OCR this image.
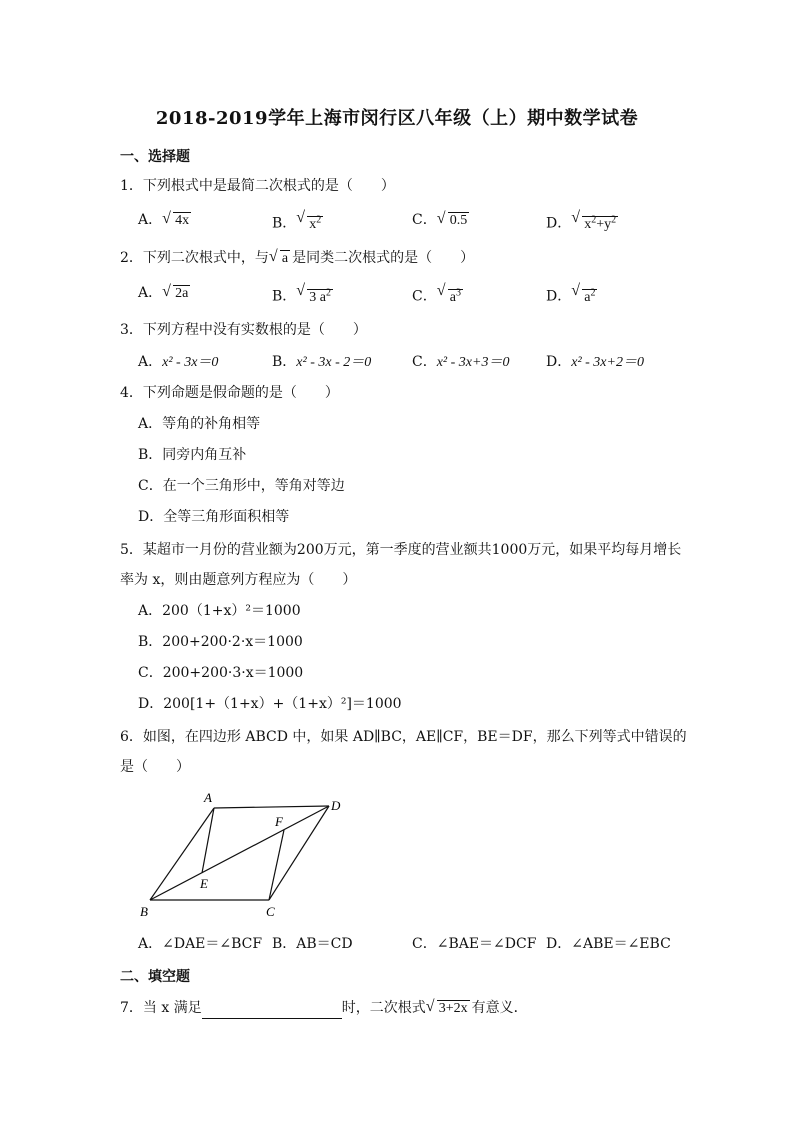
2018-2019学年上海市闵行区八年级（上）期中数学试卷
一、选择题
1．下列根式中是最简二次根式的是（　　）
A． √ 4x	B． √ $x^2$	C． √ 0.5	D． √ $x^2+y^2$
2．下列二次根式中，与 √ a 是同类二次根式的是（　　）
A． √ 2a	B． √ 3 $a^2$	C． √ $a^3$	D． √ $a^2$
3．下列方程中没有实数根的是（　　）
A．x² - 3x＝0	B．x² - 3x - 2＝0	C．x² - 3x+3＝0	D．x² - 3x+2＝0
4．下列命题是假命题的是（　　）
A．等角的补角相等
B．同旁内角互补
C．在一个三角形中，等角对等边
D．全等三角形面积相等
5．某超市一月份的营业额为200万元，第一季度的营业额共1000万元，如果平均每月增长
率为 x，则由题意列方程应为（　　）
A．200（1+x）²＝1000
B．200+200·2·x＝1000
C．200+200·3·x＝1000
D．200[1+（1+x）+（1+x）²]＝1000
6．如图，在四边形 ABCD 中，如果 AD∥BC，AE∥CF，BE＝DF，那么下列等式中错误的
是（　　）
A
D
F
E
B	C
A．∠DAE＝∠BCF B．AB＝CD	C．∠BAE＝∠DCF D．∠ABE＝∠EBC
二、填空题
7．当 x 满足	时，二次根式 √ 3+2x 有意义．
